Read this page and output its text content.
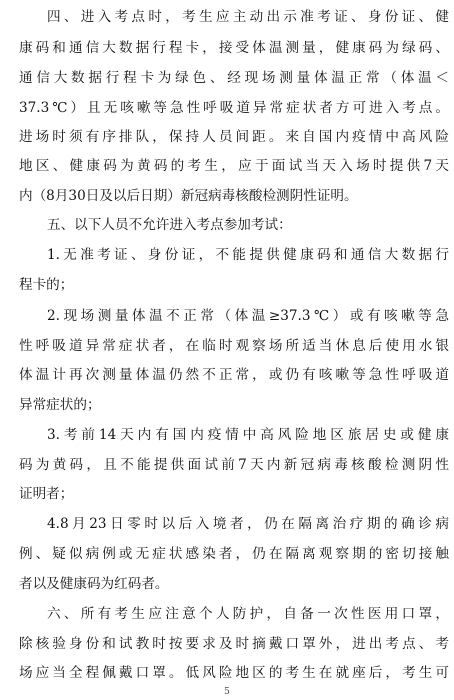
四、进入考点时，考生应主动出示准考证、身份证、健
康码和通信大数据行程卡，接受体温测量，健康码为绿码、
通信大数据行程卡为绿色、经现场测量体温正常（体温＜
37.3℃）且无咳嗽等急性呼吸道异常症状者方可进入考点。
进场时须有序排队，保持人员间距。来自国内疫情中高风险
地区、健康码为黄码的考生，应于面试当天入场时提供7天
内（8月30日及以后日期）新冠病毒核酸检测阴性证明。
五、以下人员不允许进入考点参加考试：
1.无准考证、身份证，不能提供健康码和通信大数据行
程卡的；
2.现场测量体温不正常（体温≥37.3℃）或有咳嗽等急
性呼吸道异常症状者，在临时观察场所适当休息后使用水银
体温计再次测量体温仍然不正常，或仍有咳嗽等急性呼吸道
异常症状的；
3.考前14天内有国内疫情中高风险地区旅居史或健康
码为黄码，且不能提供面试前7天内新冠病毒核酸检测阴性
证明者；
4.8月23日零时以后入境者，仍在隔离治疗期的确诊病
例、疑似病例或无症状感染者，仍在隔离观察期的密切接触
者以及健康码为红码者。
六、所有考生应注意个人防护，自备一次性医用口罩，
除核验身份和试教时按要求及时摘戴口罩外，进出考点、考
场应当全程佩戴口罩。低风险地区的考生在就座后，考生可
5
